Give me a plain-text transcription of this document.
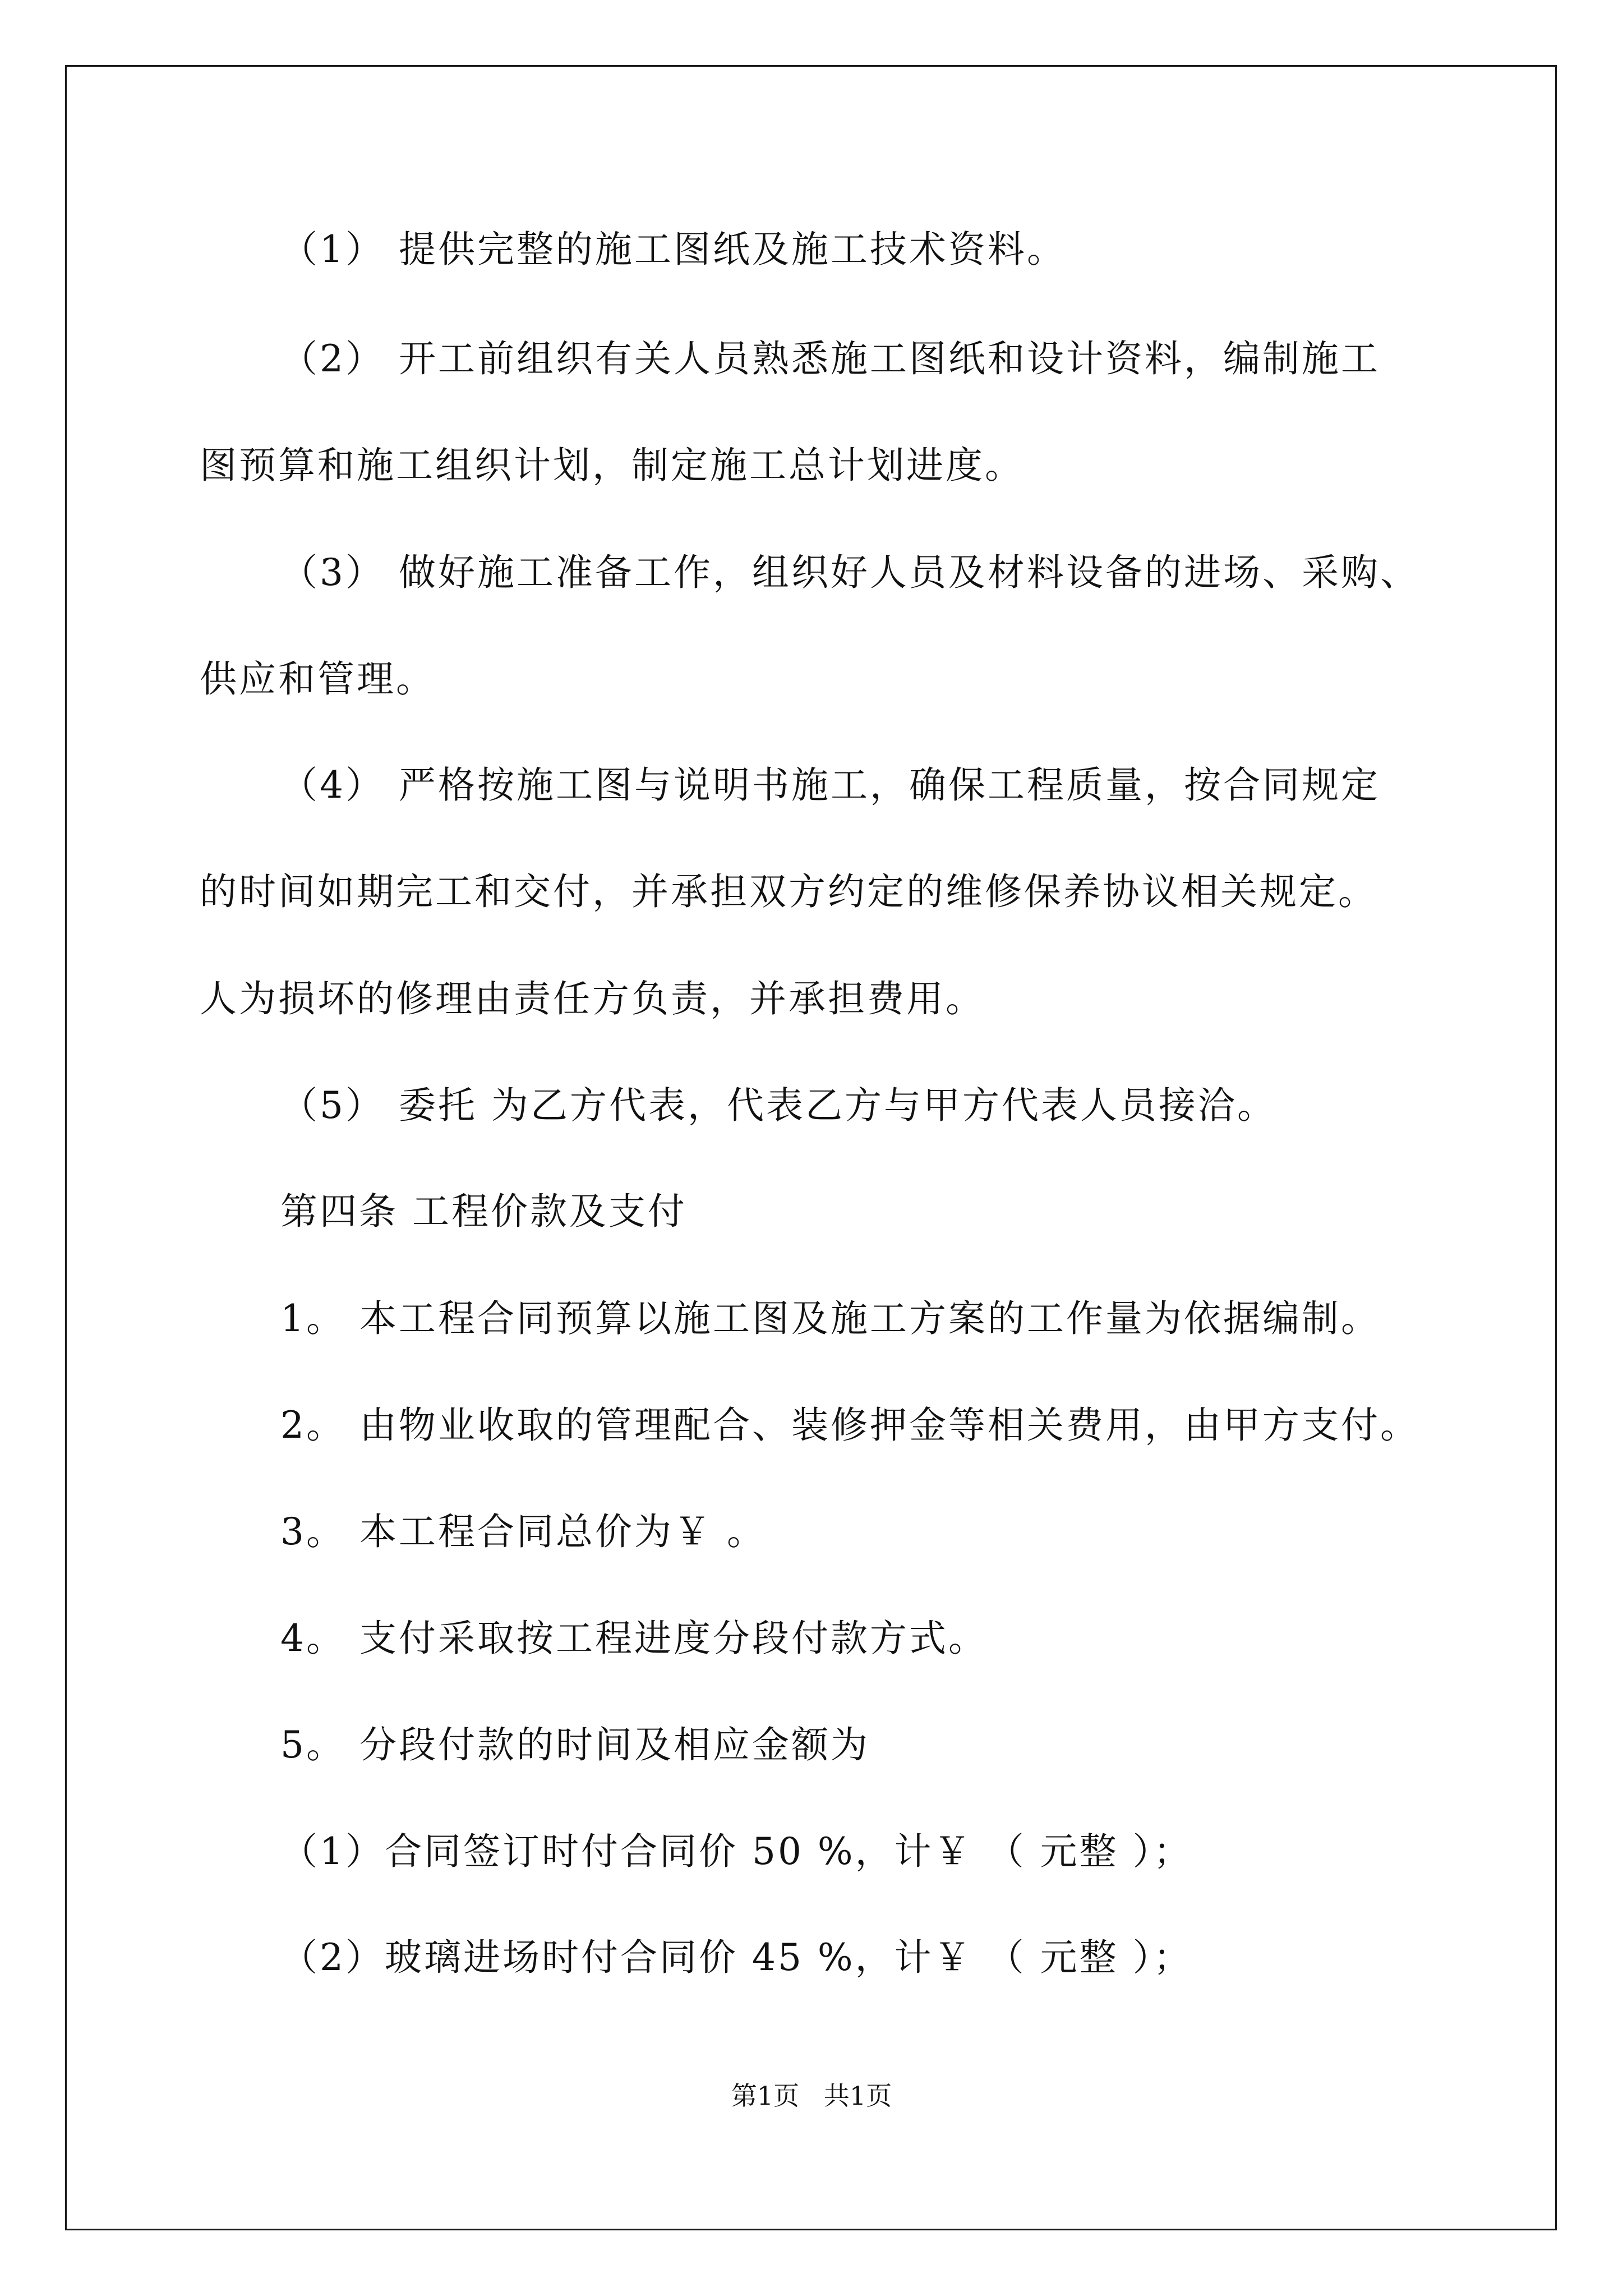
（1） 提供完整的施工图纸及施工技术资料。
（2） 开工前组织有关人员熟悉施工图纸和设计资料，编制施工
图预算和施工组织计划，制定施工总计划进度。
（3） 做好施工准备工作，组织好人员及材料设备的进场、采购、
供应和管理。
（4） 严格按施工图与说明书施工，确保工程质量，按合同规定
的时间如期完工和交付，并承担双方约定的维修保养协议相关规定。
人为损坏的修理由责任方负责，并承担费用。
（5） 委托 为乙方代表，代表乙方与甲方代表人员接洽。
第四条 工程价款及支付
1。 本工程合同预算以施工图及施工方案的工作量为依据编制。
2。 由物业收取的管理配合、装修押金等相关费用，由甲方支付。
3。 本工程合同总价为￥ 。
4。 支付采取按工程进度分段付款方式。
5。 分段付款的时间及相应金额为
（1）合同签订时付合同价 50 %，计￥ （ 元整 ）；
（2）玻璃进场时付合同价 45 %，计￥ （ 元整 ）；
第1页   共1页
